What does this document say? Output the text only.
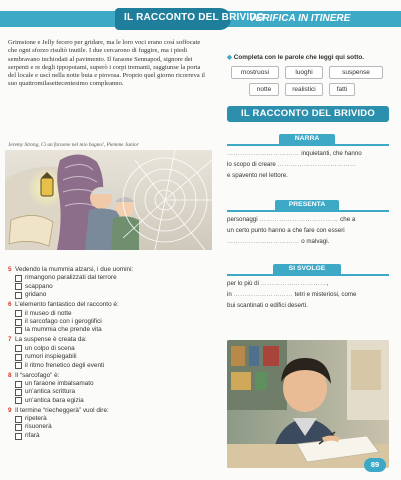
IL RACCONTO DEL BRIVIDO
VERIFICA IN ITINERE

Grimstone e Jelly fecero per gridare, ma le loro voci erano così soffocate che ogni sforzo risultò inutile. I due cercarono di fuggire, ma i piedi sembravano inchiodati al pavimento. Il faraone Sennapod, signore dei serpenti e re degli ippopotami, superò i corpi tremanti, raggiunse la porta del locale e uscì nella notte buia e piovosa. Proprio quel giorno ricorreva il suo quattromilasettecentesimo compleanno.

Jeremy Strong, Ci un faraone nel mio bagno!, Piemme Junior
5 Vedendo la mummia alzarsi, i due uomini:
rimangono paralizzati dal terrore
scappano
gridano
6 L’elemento fantastico del racconto è:
il museo di notte
il sarcofago con i geroglifici
la mummia che prende vita
7 La suspense è creata da:
un colpo di scena
rumori inspiegabili
il ritmo frenetico degli eventi
8 Il “sarcofago” è:
un faraone imbalsamato
un’antica scrittura
un’antica bara egizia
9 Il termine “riecheggerà” vuol dire:
ripeterà
risuonerà
rifarà
◆ Completa con le parole che leggi qui sotto.
mostruosi	luoghi	suspense
notte	realistici	fatti
IL RACCONTO DEL BRIVIDO
NARRA
…………………………… inquietanti, che hanno
lo scopo di creare ………………………………
e spavento nel lettore.
PRESENTA
personaggi ……………………………… che a
un certo punto hanno a che fare con esseri
…………………………… o malvagi.
SI SVOLGE
per lo più di …………………………,
in ……………………… tetri e misteriosi, come
bui scantinati o edifici deserti.
89
